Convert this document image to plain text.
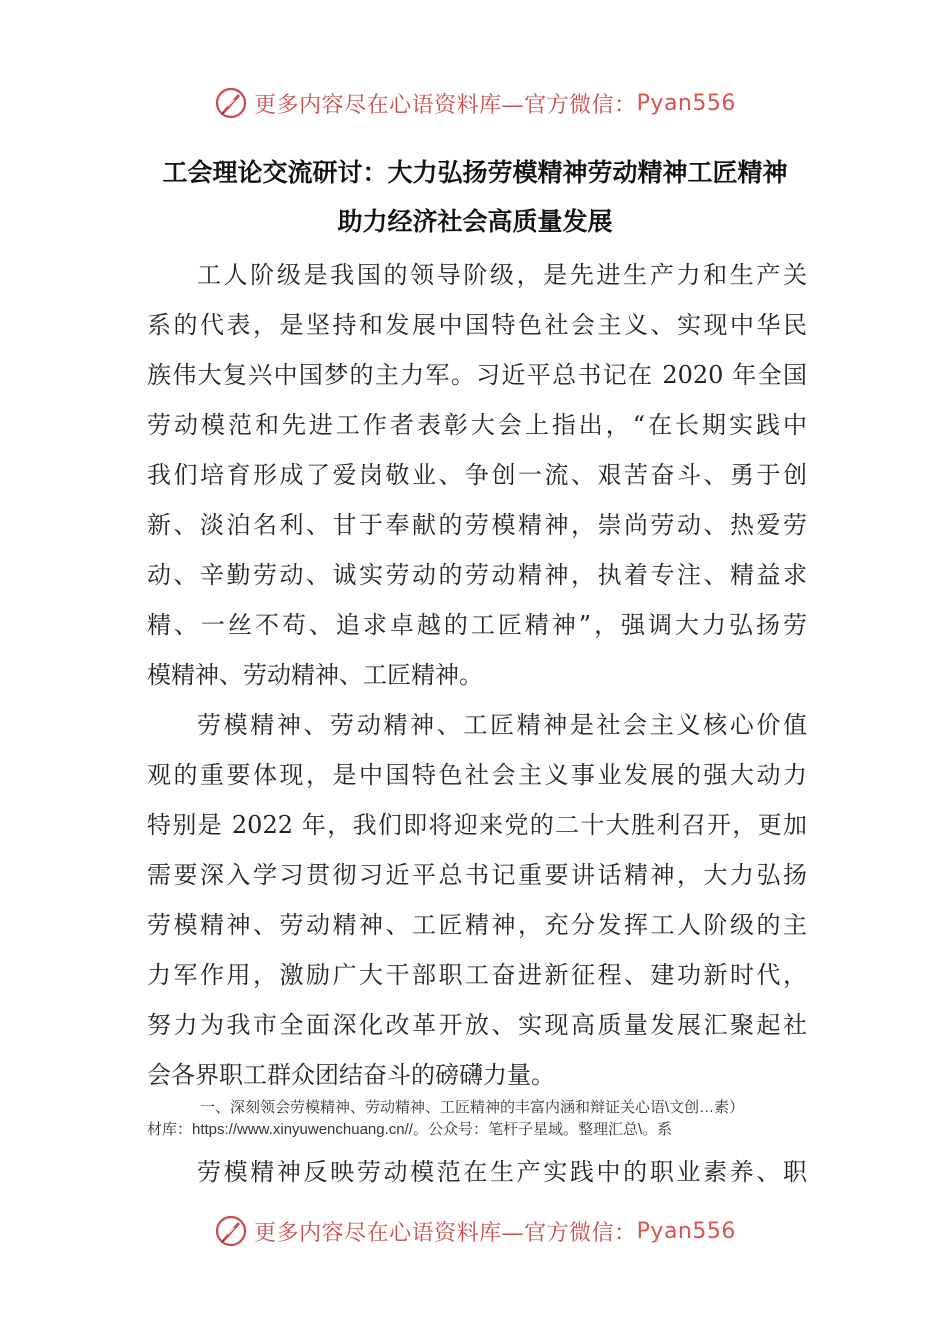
更多内容尽在心语资料库—官方微信： Pyan556
工会理论交流研讨：大力弘扬劳模精神劳动精神工匠精神
助力经济社会高质量发展
工人阶级是我国的领导阶级，是先进生产力和生产关
系的代表，是坚持和发展中国特色社会主义、实现中华民
族伟大复兴中国梦的主力军。习近平总书记在 2020 年全国
劳动模范和先进工作者表彰大会上指出，“在长期实践中
我们培育形成了爱岗敬业、争创一流、艰苦奋斗、勇于创
新、淡泊名利、甘于奉献的劳模精神，崇尚劳动、热爱劳
动、辛勤劳动、诚实劳动的劳动精神，执着专注、精益求
精、一丝不苟、追求卓越的工匠精神”，强调大力弘扬劳
模精神、劳动精神、工匠精神。
劳模精神、劳动精神、工匠精神是社会主义核心价值
观的重要体现，是中国特色社会主义事业发展的强大动力
特别是 2022 年，我们即将迎来党的二十大胜利召开，更加
需要深入学习贯彻习近平总书记重要讲话精神，大力弘扬
劳模精神、劳动精神、工匠精神，充分发挥工人阶级的主
力军作用，激励广大干部职工奋进新征程、建功新时代，
努力为我市全面深化改革开放、实现高质量发展汇聚起社
会各界职工群众团结奋斗的磅礴力量。
一、深刻领会劳模精神、劳动精神、工匠精神的丰富内涵和辩证关心语\文创…素）
材库：https://www.xinyuwenchuang.cn//。公众号：笔杆子星域。整理汇总\。系
劳模精神反映劳动模范在生产实践中的职业素养、职
更多内容尽在心语资料库—官方微信： Pyan556
